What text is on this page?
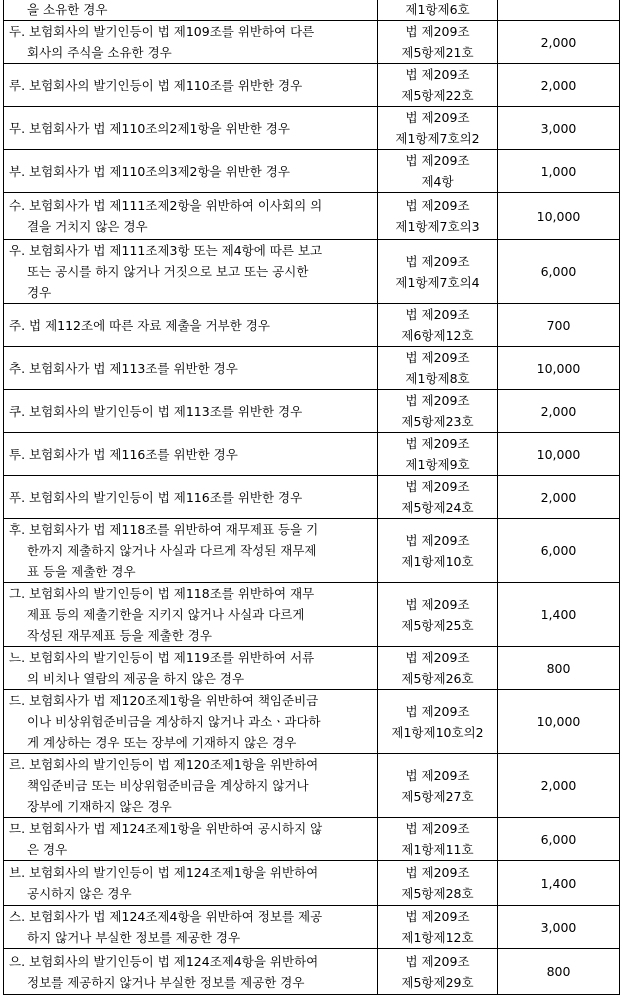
을 소유한 경우	제1항제6호	

두. 보험회사의 발기인등이 법 제109조를 위반하여 다른
회사의 주식을 소유한 경우	법 제209조
제5항제21호	2,000

루. 보험회사의 발기인등이 법 제110조를 위반한 경우	법 제209조
제5항제22호	2,000

무. 보험회사가 법 제110조의2제1항을 위반한 경우	법 제209조
제1항제7호의2	3,000

부. 보험회사가 법 제110조의3제2항을 위반한 경우	법 제209조
제4항	1,000

수. 보험회사가 법 제111조제2항을 위반하여 이사회의 의
결을 거치지 않은 경우	법 제209조
제1항제7호의3	10,000

우. 보험회사가 법 제111조제3항 또는 제4항에 따른 보고
또는 공시를 하지 않거나 거짓으로 보고 또는 공시한
경우	법 제209조
제1항제7호의4	6,000

주. 법 제112조에 따른 자료 제출을 거부한 경우	법 제209조
제6항제12호	700

추. 보험회사가 법 제113조를 위반한 경우	법 제209조
제1항제8호	10,000

쿠. 보험회사의 발기인등이 법 제113조를 위반한 경우	법 제209조
제5항제23호	2,000

투. 보험회사가 법 제116조를 위반한 경우	법 제209조
제1항제9호	10,000

푸. 보험회사의 발기인등이 법 제116조를 위반한 경우	법 제209조
제5항제24호	2,000

후. 보험회사가 법 제118조를 위반하여 재무제표 등을 기
한까지 제출하지 않거나 사실과 다르게 작성된 재무제
표 등을 제출한 경우	법 제209조
제1항제10호	6,000

그. 보험회사의 발기인등이 법 제118조를 위반하여 재무
제표 등의 제출기한을 지키지 않거나 사실과 다르게
작성된 재무제표 등을 제출한 경우	법 제209조
제5항제25호	1,400

느. 보험회사의 발기인등이 법 제119조를 위반하여 서류
의 비치나 열람의 제공을 하지 않은 경우	법 제209조
제5항제26호	800

드. 보험회사가 법 제120조제1항을 위반하여 책임준비금
이나 비상위험준비금을 계상하지 않거나 과소ㆍ과다하
게 계상하는 경우 또는 장부에 기재하지 않은 경우	법 제209조
제1항제10호의2	10,000

르. 보험회사의 발기인등이 법 제120조제1항을 위반하여
책임준비금 또는 비상위험준비금을 계상하지 않거나
장부에 기재하지 않은 경우	법 제209조
제5항제27호	2,000

므. 보험회사가 법 제124조제1항을 위반하여 공시하지 않
은 경우	법 제209조
제1항제11호	6,000

브. 보험회사의 발기인등이 법 제124조제1항을 위반하여
공시하지 않은 경우	법 제209조
제5항제28호	1,400

스. 보험회사가 법 제124조제4항을 위반하여 정보를 제공
하지 않거나 부실한 정보를 제공한 경우	법 제209조
제1항제12호	3,000

으. 보험회사의 발기인등이 법 제124조제4항을 위반하여
정보를 제공하지 않거나 부실한 정보를 제공한 경우	법 제209조
제5항제29호	800
